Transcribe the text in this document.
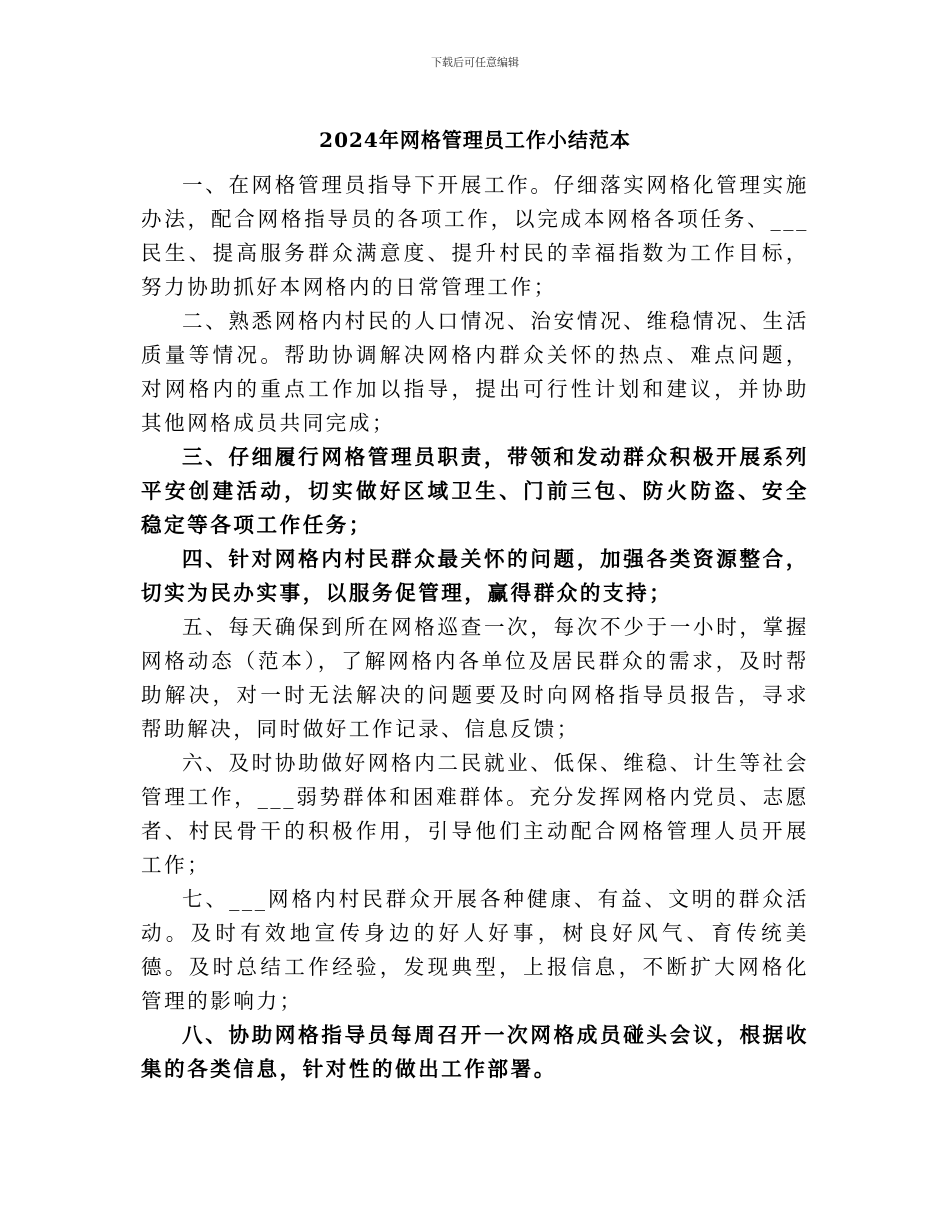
下载后可任意编辑
2024年网格管理员工作小结范本

一、在网格管理员指导下开展工作。仔细落实网格化管理实施办法，配合网格指导员的各项工作，以完成本网格各项任务、___民生、提高服务群众满意度、提升村民的幸福指数为工作目标，努力协助抓好本网格内的日常管理工作；

二、熟悉网格内村民的人口情况、治安情况、维稳情况、生活质量等情况。帮助协调解决网格内群众关怀的热点、难点问题，对网格内的重点工作加以指导，提出可行性计划和建议，并协助其他网格成员共同完成；

三、仔细履行网格管理员职责，带领和发动群众积极开展系列平安创建活动，切实做好区域卫生、门前三包、防火防盗、安全稳定等各项工作任务；

四、针对网格内村民群众最关怀的问题，加强各类资源整合，切实为民办实事，以服务促管理，赢得群众的支持；

五、每天确保到所在网格巡查一次，每次不少于一小时，掌握网格动态（范本），了解网格内各单位及居民群众的需求，及时帮助解决，对一时无法解决的问题要及时向网格指导员报告，寻求帮助解决，同时做好工作记录、信息反馈；

六、及时协助做好网格内二民就业、低保、维稳、计生等社会管理工作，___弱势群体和困难群体。充分发挥网格内党员、志愿者、村民骨干的积极作用，引导他们主动配合网格管理人员开展工作；

七、___网格内村民群众开展各种健康、有益、文明的群众活动。及时有效地宣传身边的好人好事，树良好风气、育传统美德。及时总结工作经验，发现典型，上报信息，不断扩大网格化管理的影响力；

八、协助网格指导员每周召开一次网格成员碰头会议，根据收集的各类信息，针对性的做出工作部署。
